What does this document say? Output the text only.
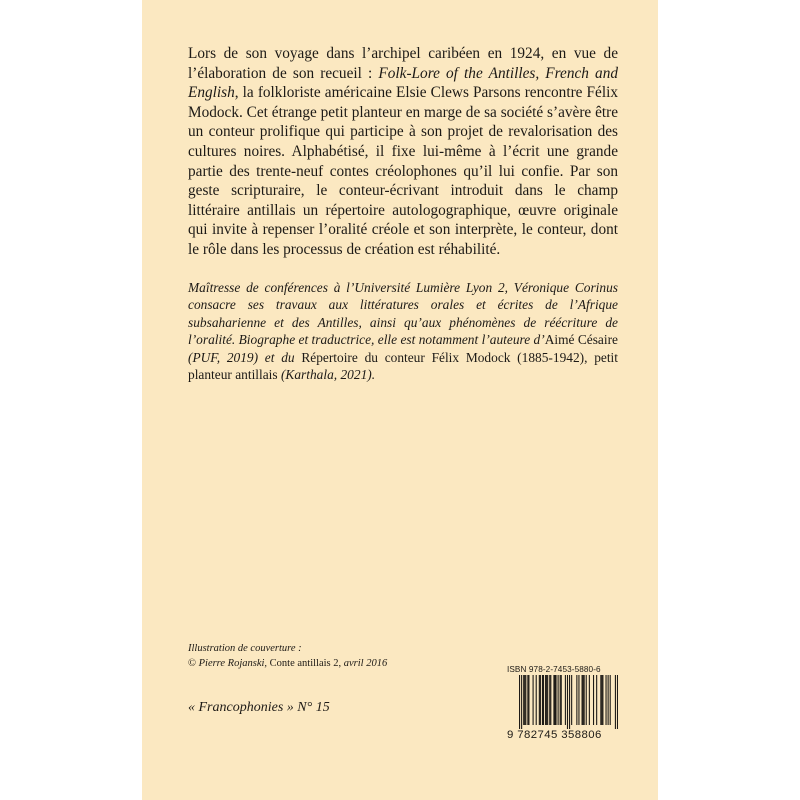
Lors de son voyage dans l’archipel caribéen en 1924, en vue de l’élaboration de son recueil : Folk-Lore of the Antilles, French and English, la folkloriste américaine Elsie Clews Parsons rencontre Félix Modock. Cet étrange petit planteur en marge de sa société s’avère être un conteur prolifique qui participe à son projet de revalorisation des cultures noires. Alphabétisé, il fixe lui-même à l’écrit une grande partie des trente-neuf contes créolophones qu’il lui confie. Par son geste scripturaire, le conteur-écrivant introduit dans le champ littéraire antillais un répertoire autologographique, œuvre originale qui invite à repenser l’oralité créole et son interprète, le conteur, dont le rôle dans les processus de création est réhabilité.

Maîtresse de conférences à l’Université Lumière Lyon 2, Véronique Corinus consacre ses travaux aux littératures orales et écrites de l’Afrique subsaharienne et des Antilles, ainsi qu’aux phénomènes de réécriture de l’oralité. Biographe et traductrice, elle est notamment l’auteure d’Aimé Césaire (PUF, 2019) et du Répertoire du conteur Félix Modock (1885-1942), petit planteur antillais (Karthala, 2021).

Illustration de couverture :
© Pierre Rojanski, Conte antillais 2, avril 2016
« Francophonies » N° 15
ISBN 978-2-7453-5880-6
9 782745 358806
